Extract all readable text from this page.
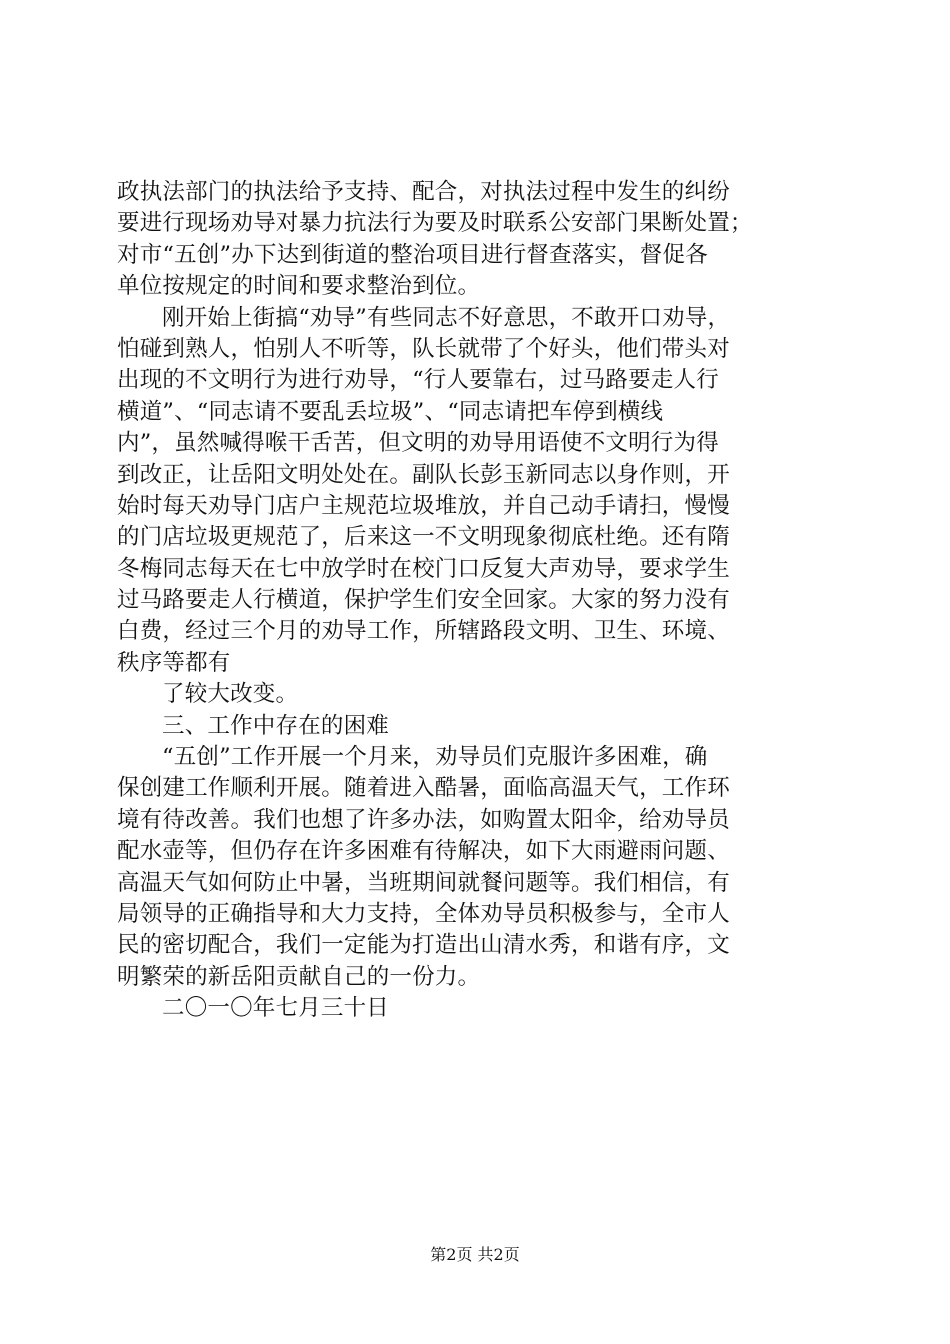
政执法部门的执法给予支持、配合，对执法过程中发生的纠纷
要进行现场劝导对暴力抗法行为要及时联系公安部门果断处置；
对市“五创”办下达到街道的整治项目进行督查落实，督促各
单位按规定的时间和要求整治到位。
刚开始上街搞“劝导”有些同志不好意思，不敢开口劝导，
怕碰到熟人，怕别人不听等，队长就带了个好头，他们带头对
出现的不文明行为进行劝导，“行人要靠右，过马路要走人行
横道”、“同志请不要乱丢垃圾”、“同志请把车停到横线
内”，虽然喊得喉干舌苦，但文明的劝导用语使不文明行为得
到改正，让岳阳文明处处在。副队长彭玉新同志以身作则，开
始时每天劝导门店户主规范垃圾堆放，并自己动手请扫，慢慢
的门店垃圾更规范了，后来这一不文明现象彻底杜绝。还有隋
冬梅同志每天在七中放学时在校门口反复大声劝导，要求学生
过马路要走人行横道，保护学生们安全回家。大家的努力没有
白费，经过三个月的劝导工作，所辖路段文明、卫生、环境、
秩序等都有
了较大改变。
三、工作中存在的困难
“五创”工作开展一个月来，劝导员们克服许多困难，确
保创建工作顺利开展。随着进入酷暑，面临高温天气，工作环
境有待改善。我们也想了许多办法，如购置太阳伞，给劝导员
配水壶等，但仍存在许多困难有待解决，如下大雨避雨问题、
高温天气如何防止中暑，当班期间就餐问题等。我们相信，有
局领导的正确指导和大力支持，全体劝导员积极参与，全市人
民的密切配合，我们一定能为打造出山清水秀，和谐有序，文
明繁荣的新岳阳贡献自己的一份力。
二〇一〇年七月三十日
第2页 共2页
